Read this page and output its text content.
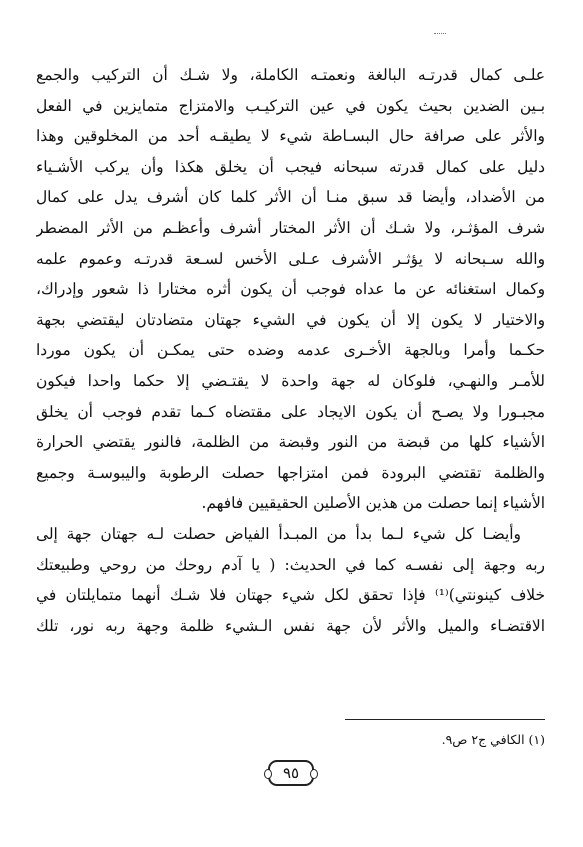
علـى كمال قدرتـه البالغة ونعمتـه الكاملة، ولا شـك أن التركيب والجمع
بـين الضدين بحيث يكون في عين التركيـب والامتزاج متمايزين في الفعل
والأثر على صرافة حال البسـاطة شيء لا يطيقـه أحد من المخلوقين وهذا
دليل على كمال قدرته سبحانه فيجب أن يخلق هكذا وأن يركب الأشـياء
من الأضداد، وأيضا قد سبق منـا أن الأثر كلما كان أشرف يدل على كمال
شرف المؤثـر، ولا شـك أن الأثر المختار أشرف وأعظـم من الأثر المضطر
والله سـبحانه لا يؤثـر الأشرف عـلى الأخس لسـعة قدرتـه وعموم علمه
وكمال استغنائه عن ما عداه فوجب أن يكون أثره مختارا ذا شعور وإدراك،
والاختيار لا يكون إلا أن يكون في الشيء جهتان متضادتان ليقتضي بجهة
حكـما وأمرا وبالجهة الأخـرى عدمه وضده حتى يمكـن أن يكون موردا
للأمـر والنهـي، فلوكان له جهة واحدة لا يقتـضي إلا حكما واحدا فيكون
مجبـورا ولا يصـح أن يكون الايجاد على مقتضاه كـما تقدم فوجب أن يخلق
الأشياء كلها من قبضة من النور وقبضة من الظلمة، فالنور يقتضي الحرارة
والظلمة تقتضي البرودة فمن امتزاجها حصلت الرطوبة واليبوسـة وجميع
الأشياء إنما حصلت من هذين الأصلين الحقيقيين فافهم.
وأيضـا كل شيء لـما بدأ من المبـدأ الفياض حصلت لـه جهتان جهة إلى
ربه وجهة إلى نفسـه كما في الحديث: ( يا آدم روحك من روحي وطبيعتك
خلاف كينونتي)⁽¹⁾ فإذا تحقق لكل شيء جهتان فلا شـك أنهما متمايلتان في
الاقتضـاء والميل والأثر لأن جهة نفس الـشيء ظلمة وجهة ربه نور، تلك
(١) الكافي ج٢ ص٩.
٩٥
